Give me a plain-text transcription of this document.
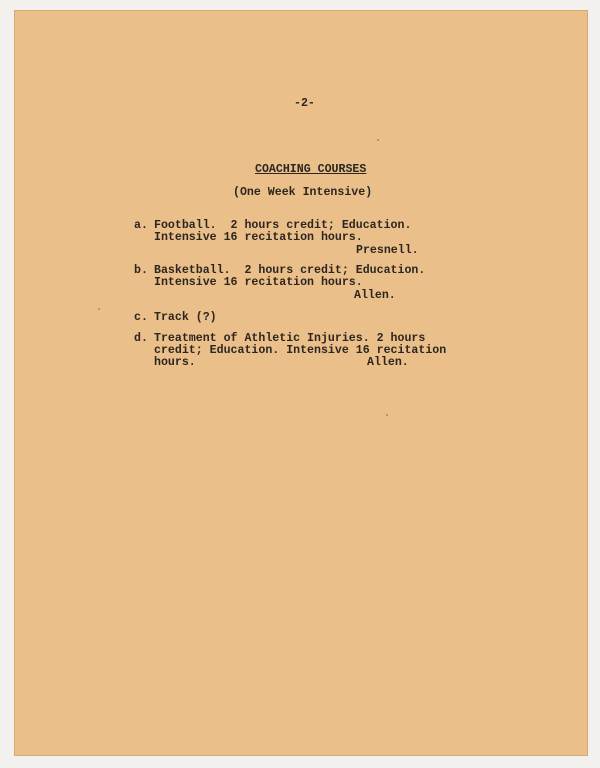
-2-
COACHING COURSES
(One Week Intensive)
a. Football.  2 hours credit; Education.
Intensive 16 recitation hours.
Presnell.
b. Basketball.  2 hours credit; Education.
Intensive 16 recitation hours.
Allen.
c. Track (?)
d. Treatment of Athletic Injuries. 2 hours
credit; Education. Intensive 16 recitation
hours.	Allen.
